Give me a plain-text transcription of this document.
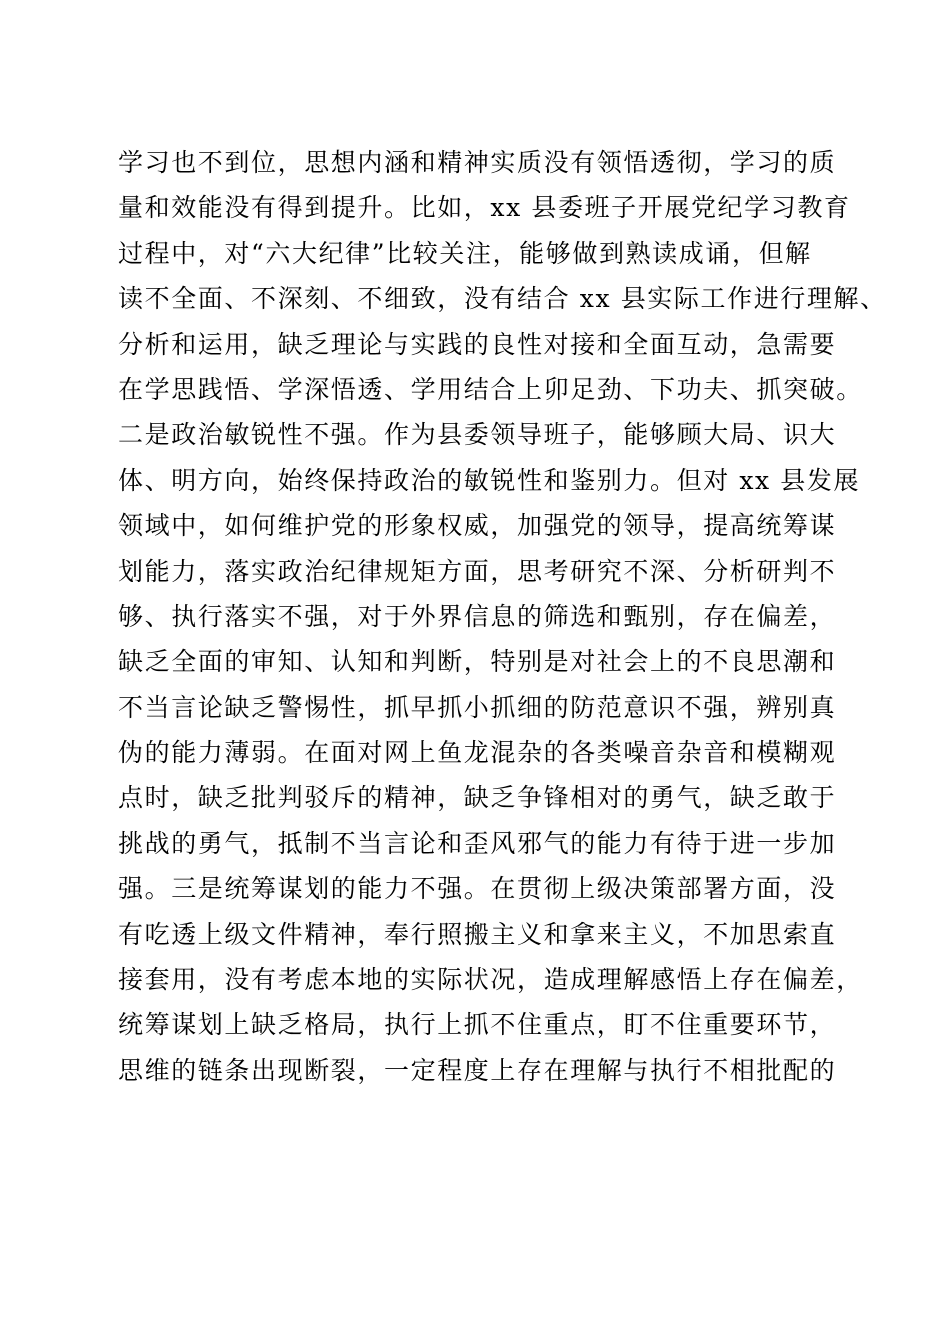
学习也不到位，思想内涵和精神实质没有领悟透彻，学习的质
量和效能没有得到提升。比如，xx 县委班子开展党纪学习教育
过程中，对“六大纪律”比较关注，能够做到熟读成诵，但解
读不全面、不深刻、不细致，没有结合 xx 县实际工作进行理解、
分析和运用，缺乏理论与实践的良性对接和全面互动，急需要
在学思践悟、学深悟透、学用结合上卯足劲、下功夫、抓突破。
二是政治敏锐性不强。作为县委领导班子，能够顾大局、识大
体、明方向，始终保持政治的敏锐性和鉴别力。但对 xx 县发展
领域中，如何维护党的形象权威，加强党的领导，提高统筹谋
划能力，落实政治纪律规矩方面，思考研究不深、分析研判不
够、执行落实不强，对于外界信息的筛选和甄别，存在偏差，
缺乏全面的审知、认知和判断，特别是对社会上的不良思潮和
不当言论缺乏警惕性，抓早抓小抓细的防范意识不强，辨别真
伪的能力薄弱。在面对网上鱼龙混杂的各类噪音杂音和模糊观
点时，缺乏批判驳斥的精神，缺乏争锋相对的勇气，缺乏敢于
挑战的勇气，抵制不当言论和歪风邪气的能力有待于进一步加
强。三是统筹谋划的能力不强。在贯彻上级决策部署方面，没
有吃透上级文件精神，奉行照搬主义和拿来主义，不加思索直
接套用，没有考虑本地的实际状况，造成理解感悟上存在偏差，
统筹谋划上缺乏格局，执行上抓不住重点，盯不住重要环节，
思维的链条出现断裂，一定程度上存在理解与执行不相批配的
